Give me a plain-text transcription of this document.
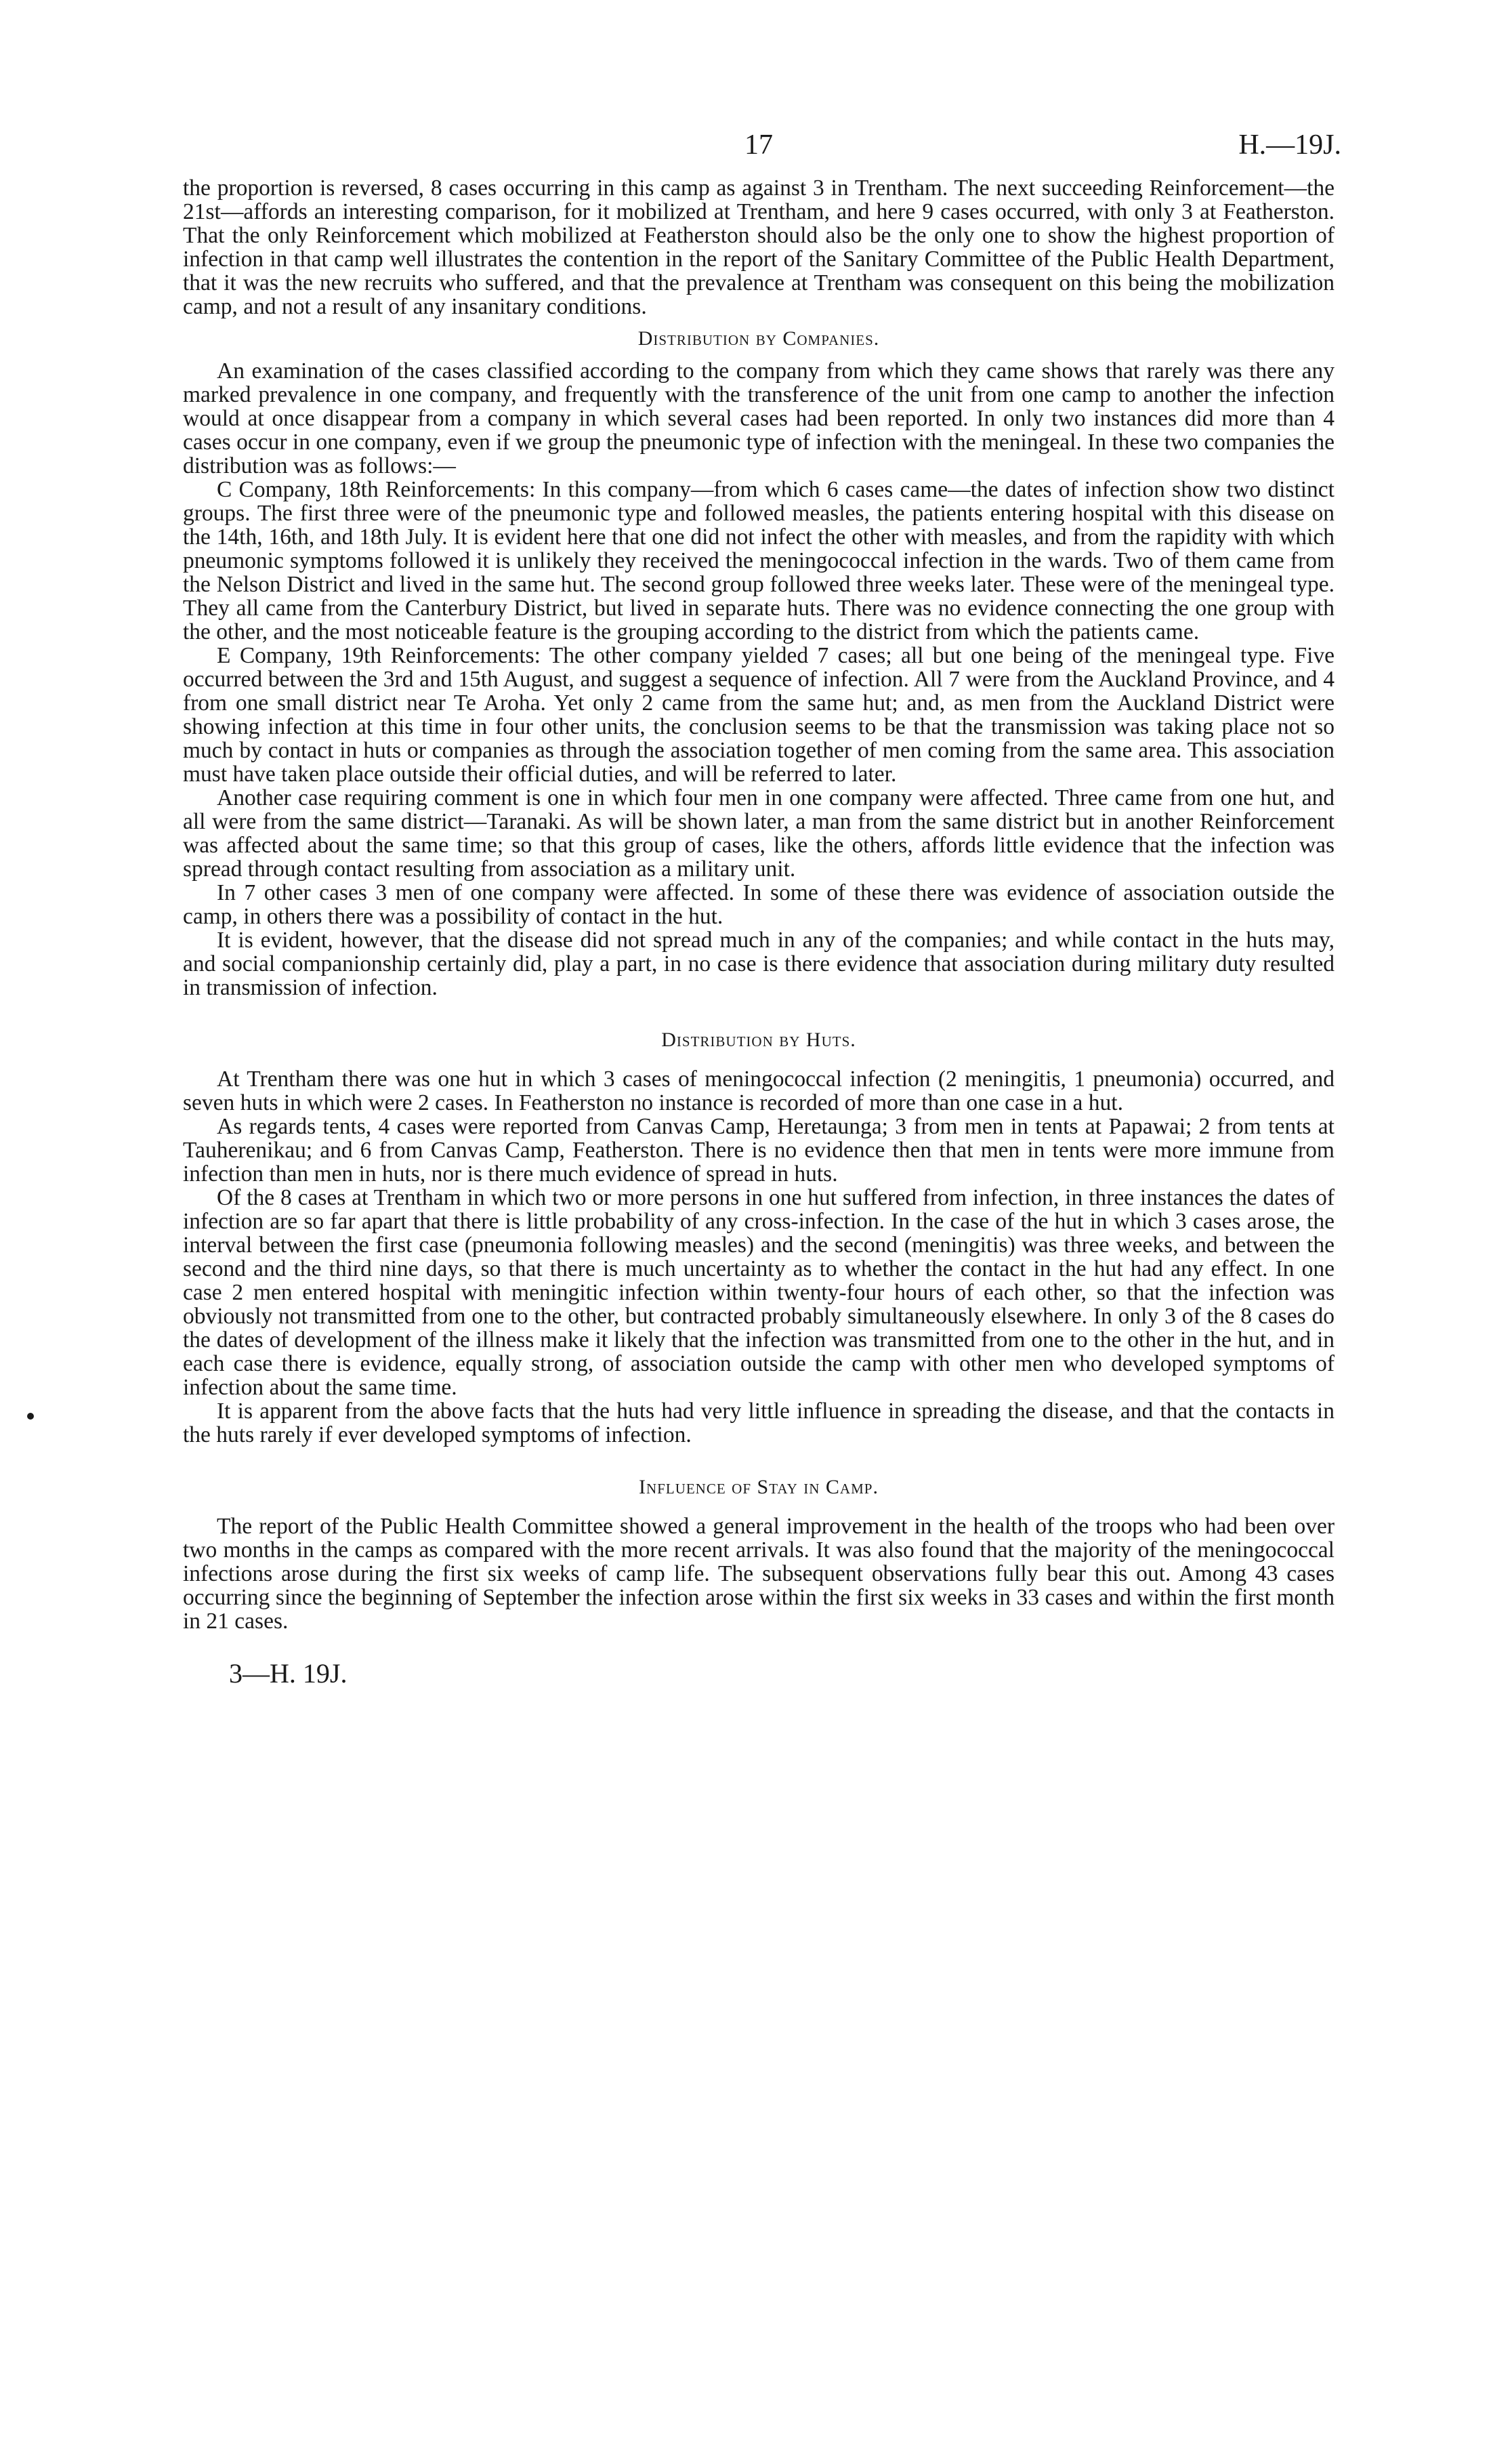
17	H.—19J.

the proportion is reversed, 8 cases occurring in this camp as against 3 in Trentham. The next succeeding Reinforcement—the 21st—affords an interesting comparison, for it mobilized at Trentham, and here 9 cases occurred, with only 3 at Featherston. That the only Reinforcement which mobilized at Featherston should also be the only one to show the highest proportion of infection in that camp well illustrates the contention in the report of the Sanitary Committee of the Public Health Department, that it was the new recruits who suffered, and that the prevalence at Trentham was consequent on this being the mobilization camp, and not a result of any insanitary conditions.

Distribution by Companies.

An examination of the cases classified according to the company from which they came shows that rarely was there any marked prevalence in one company, and frequently with the transference of the unit from one camp to another the infection would at once disappear from a company in which several cases had been reported. In only two instances did more than 4 cases occur in one company, even if we group the pneumonic type of infection with the meningeal. In these two companies the distribution was as follows:—

C Company, 18th Reinforcements: In this company—from which 6 cases came—the dates of infection show two distinct groups. The first three were of the pneumonic type and followed measles, the patients entering hospital with this disease on the 14th, 16th, and 18th July. It is evident here that one did not infect the other with measles, and from the rapidity with which pneumonic symptoms followed it is unlikely they received the meningococcal infection in the wards. Two of them came from the Nelson District and lived in the same hut. The second group followed three weeks later. These were of the meningeal type. They all came from the Canterbury District, but lived in separate huts. There was no evidence connecting the one group with the other, and the most noticeable feature is the grouping according to the district from which the patients came.

E Company, 19th Reinforcements: The other company yielded 7 cases; all but one being of the meningeal type. Five occurred between the 3rd and 15th August, and suggest a sequence of infection. All 7 were from the Auckland Province, and 4 from one small district near Te Aroha. Yet only 2 came from the same hut; and, as men from the Auckland District were showing infection at this time in four other units, the conclusion seems to be that the transmission was taking place not so much by contact in huts or companies as through the association together of men coming from the same area. This association must have taken place outside their official duties, and will be referred to later.

Another case requiring comment is one in which four men in one company were affected. Three came from one hut, and all were from the same district—Taranaki. As will be shown later, a man from the same district but in another Reinforcement was affected about the same time; so that this group of cases, like the others, affords little evidence that the infection was spread through contact resulting from association as a military unit.

In 7 other cases 3 men of one company were affected. In some of these there was evidence of association outside the camp, in others there was a possibility of contact in the hut.

It is evident, however, that the disease did not spread much in any of the companies; and while contact in the huts may, and social companionship certainly did, play a part, in no case is there evidence that association during military duty resulted in transmission of infection.

Distribution by Huts.

At Trentham there was one hut in which 3 cases of meningococcal infection (2 meningitis, 1 pneumonia) occurred, and seven huts in which were 2 cases. In Featherston no instance is recorded of more than one case in a hut.

As regards tents, 4 cases were reported from Canvas Camp, Heretaunga; 3 from men in tents at Papawai; 2 from tents at Tauherenikau; and 6 from Canvas Camp, Featherston. There is no evidence then that men in tents were more immune from infection than men in huts, nor is there much evidence of spread in huts.

Of the 8 cases at Trentham in which two or more persons in one hut suffered from infection, in three instances the dates of infection are so far apart that there is little probability of any cross-infection. In the case of the hut in which 3 cases arose, the interval between the first case (pneumonia following measles) and the second (meningitis) was three weeks, and between the second and the third nine days, so that there is much uncertainty as to whether the contact in the hut had any effect. In one case 2 men entered hospital with meningitic infection within twenty-four hours of each other, so that the infection was obviously not transmitted from one to the other, but contracted probably simultaneously elsewhere. In only 3 of the 8 cases do the dates of development of the illness make it likely that the infection was transmitted from one to the other in the hut, and in each case there is evidence, equally strong, of association outside the camp with other men who developed symptoms of infection about the same time.

It is apparent from the above facts that the huts had very little influence in spreading the disease, and that the contacts in the huts rarely if ever developed symptoms of infection.

Influence of Stay in Camp.

The report of the Public Health Committee showed a general improvement in the health of the troops who had been over two months in the camps as compared with the more recent arrivals. It was also found that the majority of the meningococcal infections arose during the first six weeks of camp life. The subsequent observations fully bear this out. Among 43 cases occurring since the beginning of September the infection arose within the first six weeks in 33 cases and within the first month in 21 cases.

3—H. 19J.
